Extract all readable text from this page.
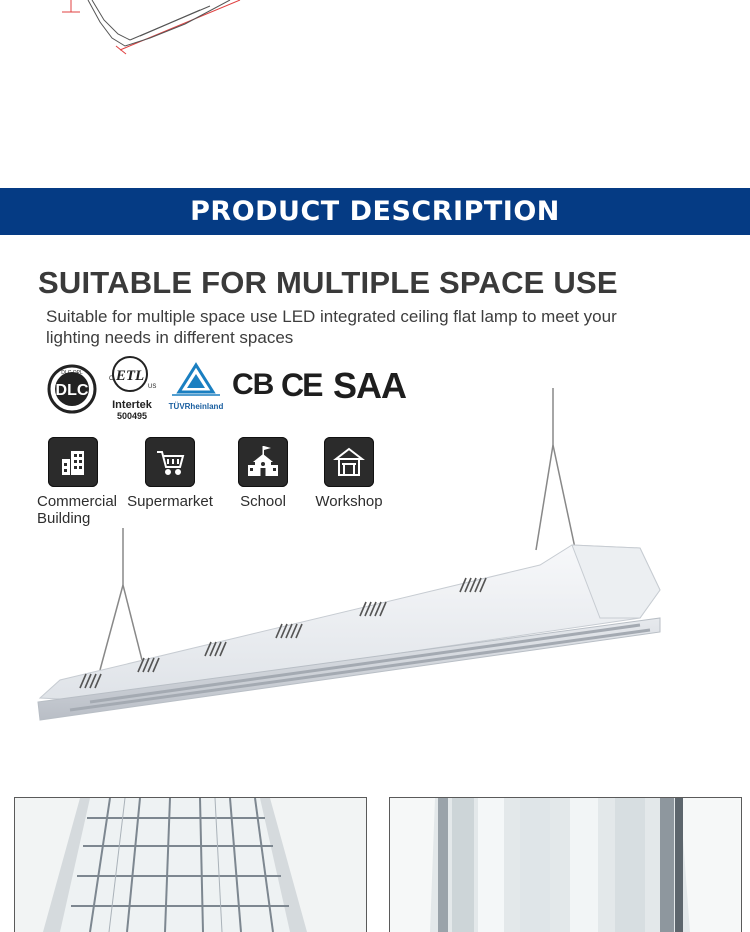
PRODUCT DESCRIPTION
SUITABLE FOR MULTIPLE SPACE USE
Suitable for multiple space use LED integrated ceiling flat lamp to meet your lighting needs in different spaces
DLC
DLC QPL ETL
C
US
Intertek
500495
TÜVRheinland
CB CE SAA
Commercial Building
Supermarket	School	Workshop
